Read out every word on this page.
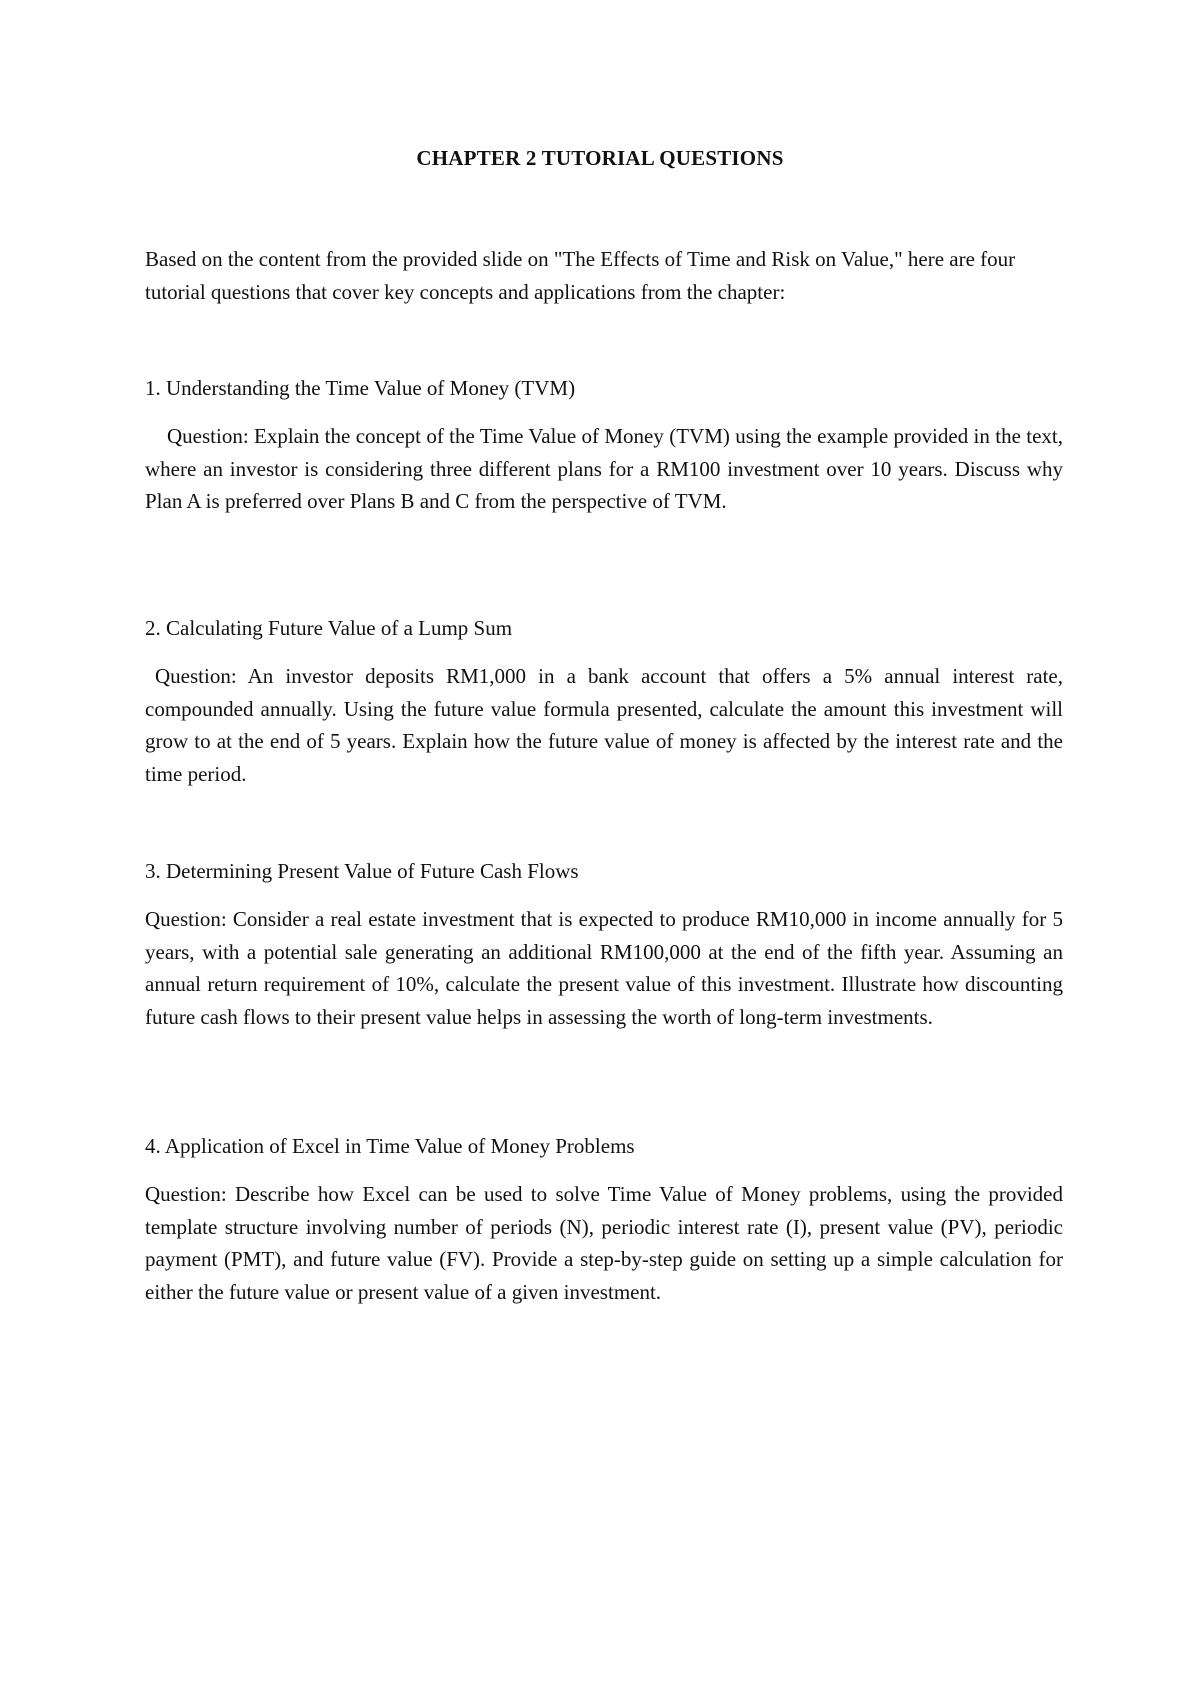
CHAPTER 2 TUTORIAL QUESTIONS
Based on the content from the provided slide on "The Effects of Time and Risk on Value," here are four tutorial questions that cover key concepts and applications from the chapter:
1. Understanding the Time Value of Money (TVM)
Question: Explain the concept of the Time Value of Money (TVM) using the example provided in the text, where an investor is considering three different plans for a RM100 investment over 10 years. Discuss why Plan A is preferred over Plans B and C from the perspective of TVM.
2. Calculating Future Value of a Lump Sum
Question: An investor deposits RM1,000 in a bank account that offers a 5% annual interest rate, compounded annually. Using the future value formula presented, calculate the amount this investment will grow to at the end of 5 years. Explain how the future value of money is affected by the interest rate and the time period.
3. Determining Present Value of Future Cash Flows
Question: Consider a real estate investment that is expected to produce RM10,000 in income annually for 5 years, with a potential sale generating an additional RM100,000 at the end of the fifth year. Assuming an annual return requirement of 10%, calculate the present value of this investment. Illustrate how discounting future cash flows to their present value helps in assessing the worth of long-term investments.
4. Application of Excel in Time Value of Money Problems
Question: Describe how Excel can be used to solve Time Value of Money problems, using the provided template structure involving number of periods (N), periodic interest rate (I), present value (PV), periodic payment (PMT), and future value (FV). Provide a step-by-step guide on setting up a simple calculation for either the future value or present value of a given investment.
